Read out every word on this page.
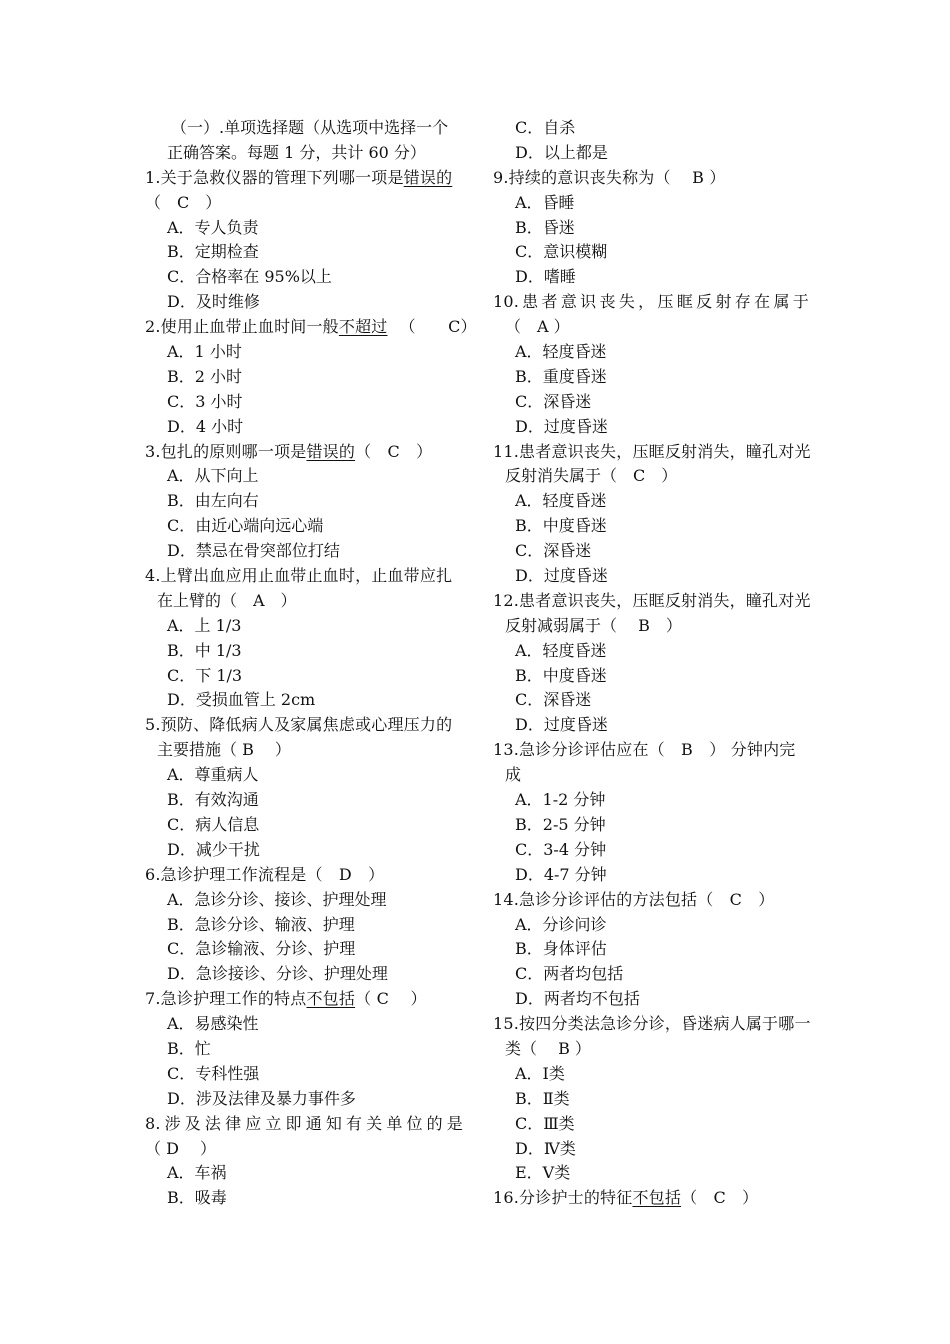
（一）.单项选择题（从选项中选择一个
正确答案。每题 1 分，共计 60 分）
1.关于急救仪器的管理下列哪一项是错误的
（　C　）
A．专人负责
B．定期检查
C．合格率在 95%以上
D．及时维修
2.使用止血带止血时间一般不超过 （　　C）
A．1 小时
B．2 小时
C．3 小时
D．4 小时
3.包扎的原则哪一项是错误的（　C　）
A．从下向上
B．由左向右
C．由近心端向远心端
D．禁忌在骨突部位打结
4.上臂出血应用止血带止血时，止血带应扎
在上臂的（　A　）
A．上 1/3
B．中 1/3
C．下 1/3
D．受损血管上 2cm
5.预防、降低病人及家属焦虑或心理压力的
主要措施（ B　 ）
A．尊重病人
B．有效沟通
C．病人信息
D．减少干扰
6.急诊护理工作流程是（　D　）
A．急诊分诊、接诊、护理处理
B．急诊分诊、输液、护理
C．急诊输液、分诊、护理
D．急诊接诊、分诊、护理处理
7.急诊护理工作的特点不包括（ C　 ）
A．易感染性
B．忙
C．专科性强
D．涉及法律及暴力事件多
8.涉及法律应立即通知有关单位的是
（ D　 ）
A．车祸
B．吸毒
C．自杀
D．以上都是
9.持续的意识丧失称为（　 B ）
A．昏睡
B．昏迷
C．意识模糊
D．嗜睡
10.患者意识丧失，压眶反射存在属于
（　A ）
A．轻度昏迷
B．重度昏迷
C．深昏迷
D．过度昏迷
11.患者意识丧失，压眶反射消失，瞳孔对光
反射消失属于（　C　）
A．轻度昏迷
B．中度昏迷
C．深昏迷
D．过度昏迷
12.患者意识丧失，压眶反射消失，瞳孔对光
反射减弱属于（　 B　）
A．轻度昏迷
B．中度昏迷
C．深昏迷
D．过度昏迷
13.急诊分诊评估应在（　B　） 分钟内完
成
A．1-2 分钟
B．2-5 分钟
C．3-4 分钟
D．4-7 分钟
14.急诊分诊评估的方法包括（　C　）
A．分诊问诊
B．身体评估
C．两者均包括
D．两者均不包括
15.按四分类法急诊分诊，昏迷病人属于哪一
类（　 B ）
A．Ⅰ类
B．Ⅱ类
C．Ⅲ类
D．Ⅳ类
E．Ⅴ类
16.分诊护士的特征不包括（　C　）
